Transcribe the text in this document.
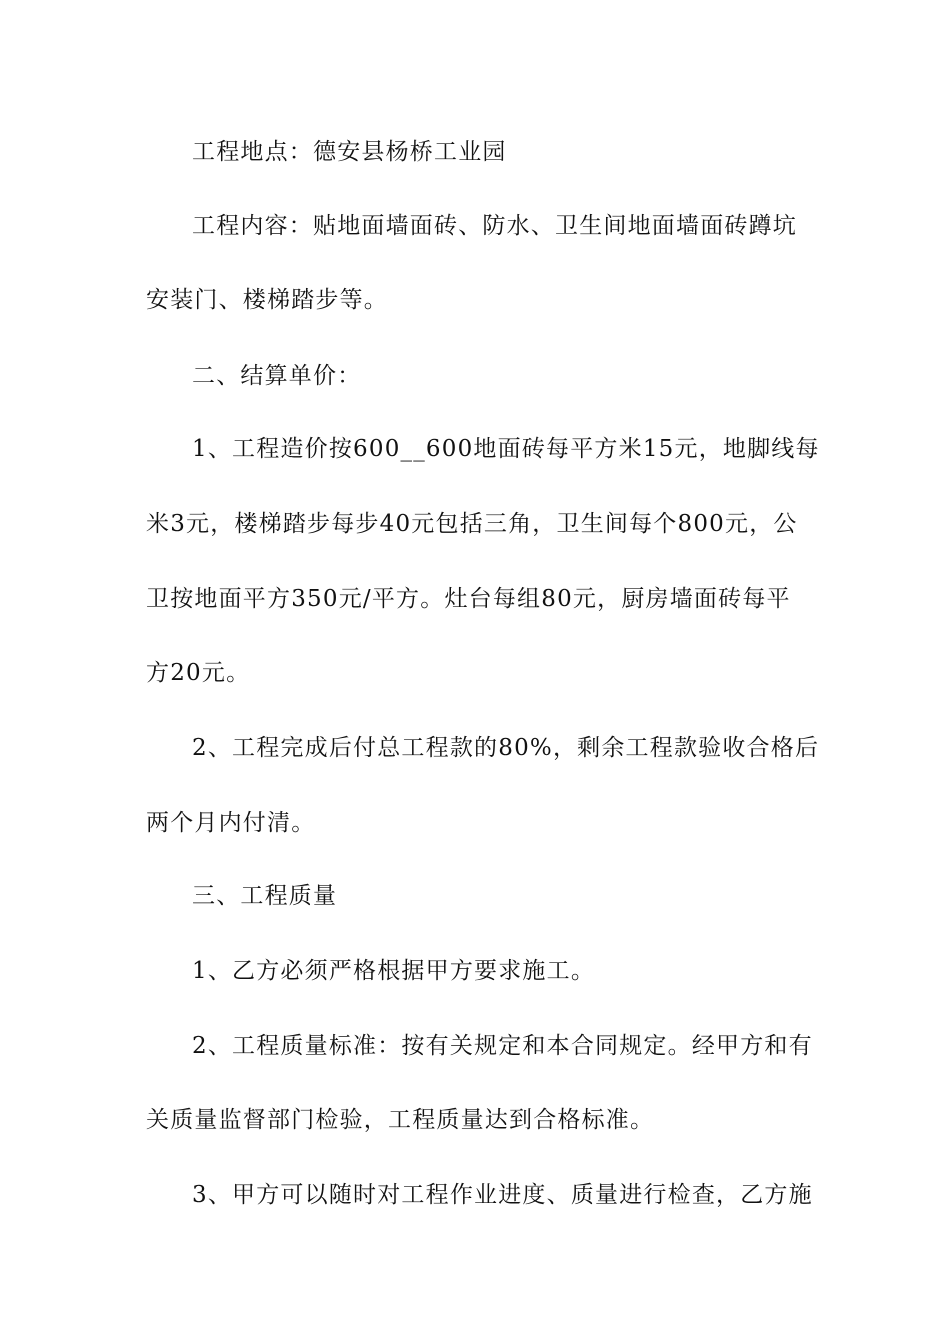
工程地点：德安县杨桥工业园
工程内容：贴地面墙面砖、防水、卫生间地面墙面砖蹲坑
安装门、楼梯踏步等。
二、结算单价：
1、工程造价按600__600地面砖每平方米15元，地脚线每
米3元，楼梯踏步每步40元包括三角，卫生间每个800元，公
卫按地面平方350元/平方。灶台每组80元，厨房墙面砖每平
方20元。
2、工程完成后付总工程款的80%，剩余工程款验收合格后
两个月内付清。
三、工程质量
1、乙方必须严格根据甲方要求施工。
2、工程质量标准：按有关规定和本合同规定。经甲方和有
关质量监督部门检验，工程质量达到合格标准。
3、甲方可以随时对工程作业进度、质量进行检查，乙方施
